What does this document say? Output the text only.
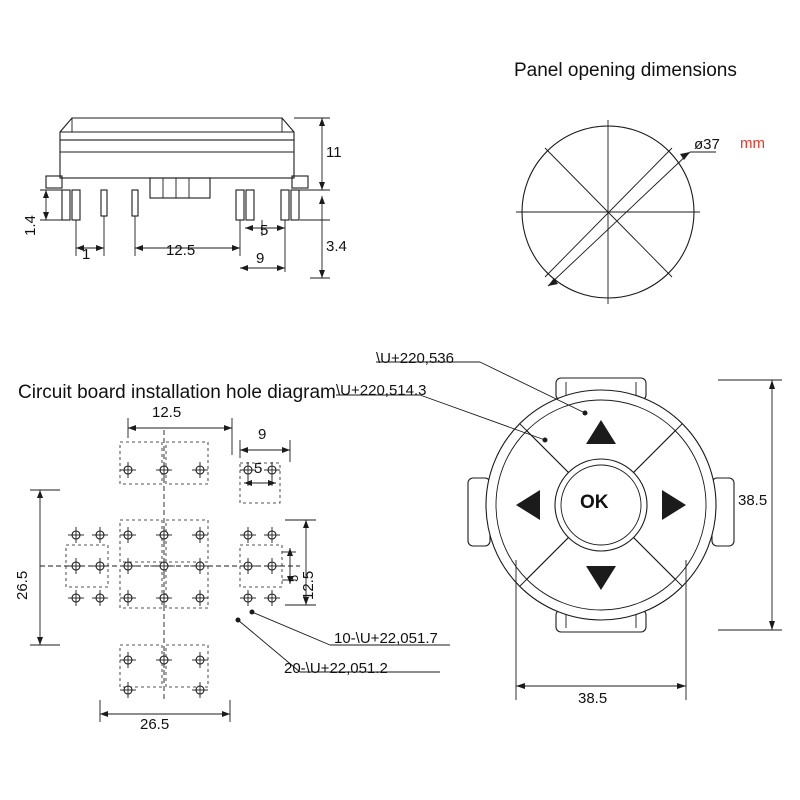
Panel opening dimensions
ø37 mm
11
3.4
1.4
1	12.5
5
9
Circuit board installation hole diagram
12.5
9
5
26.5
26.5
12.5
5
10-\U+22,051.7
20-\U+22,051.2
\U+220,536
\U+220,514.3
OK	38.5
38.5
